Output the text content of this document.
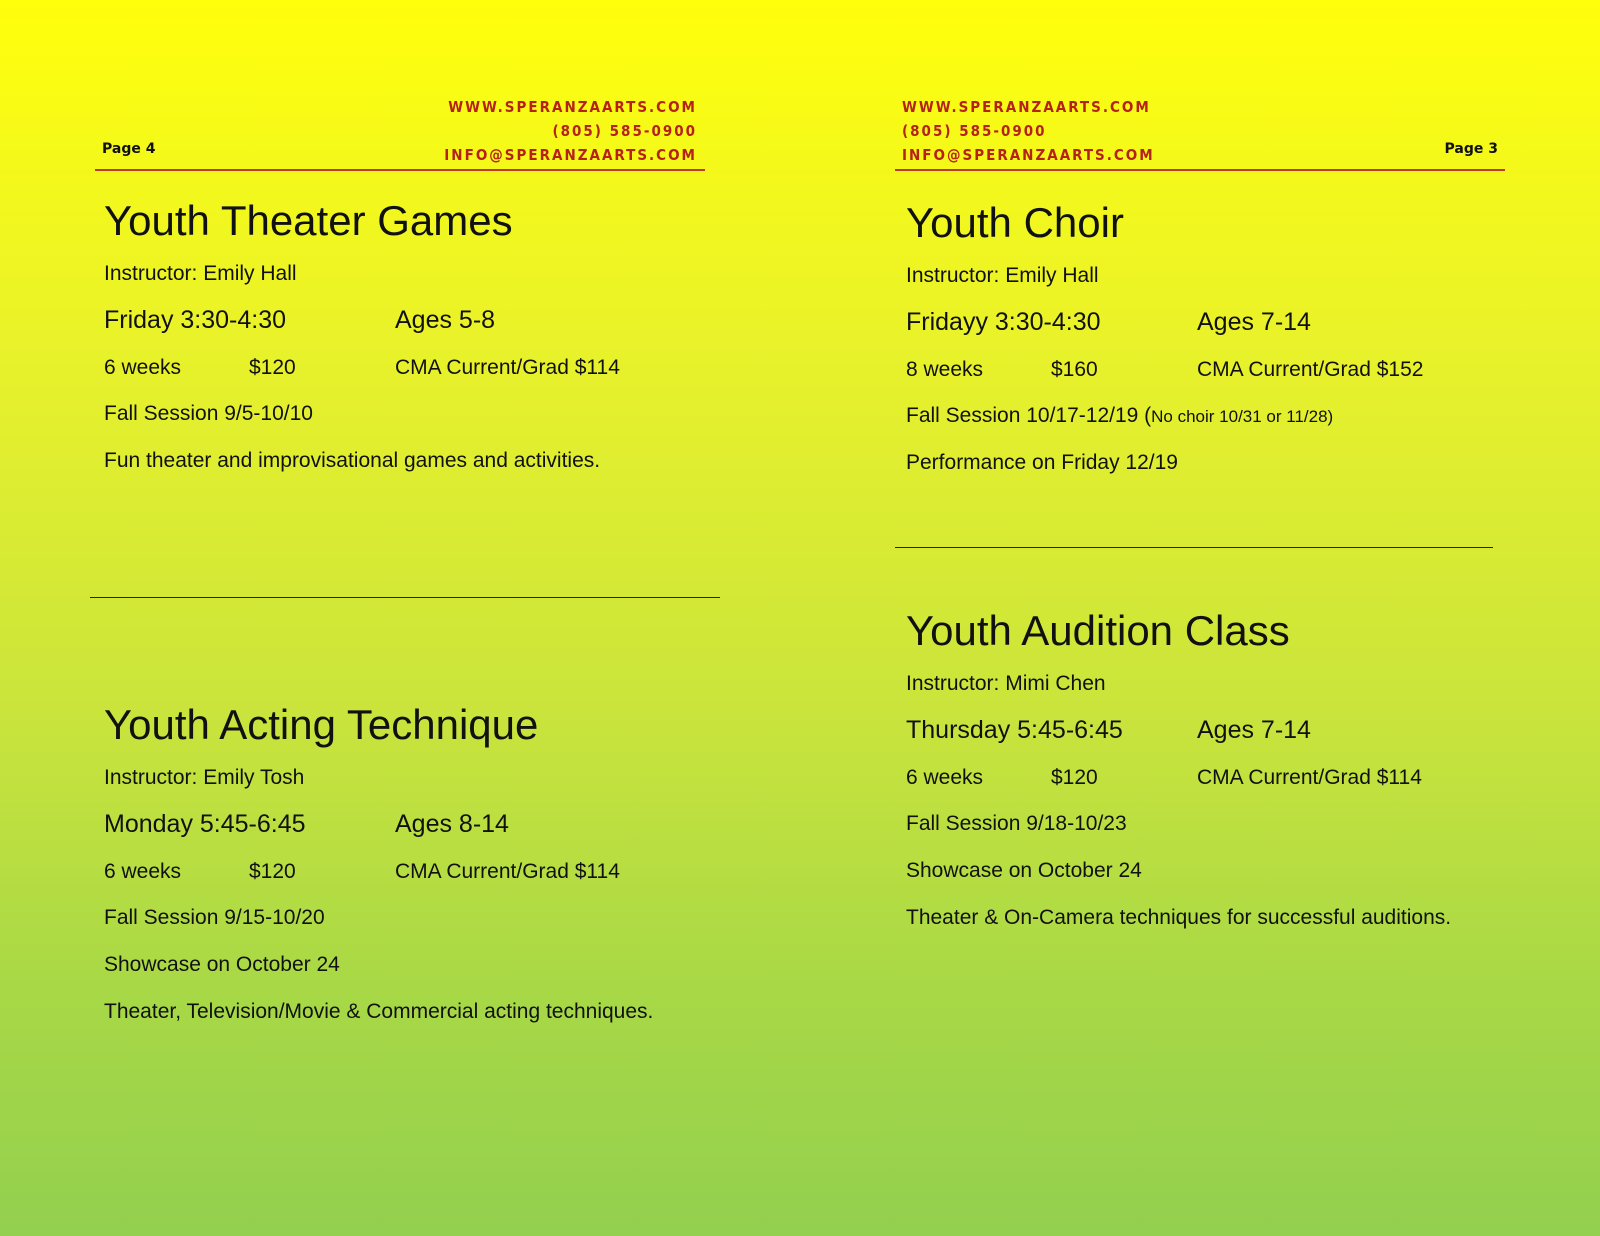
Page 4
WWW.SPERANZAARTS.COM
(805) 585-0900
INFO@SPERANZAARTS.COM
Youth Theater Games
Instructor: Emily Hall
Friday 3:30-4:30	Ages 5-8
6 weeks	$120	CMA Current/Grad $114
Fall Session 9/5-10/10
Fun theater and improvisational games and activities.
Youth Acting Technique
Instructor: Emily Tosh
Monday 5:45-6:45	Ages 8-14
6 weeks	$120	CMA Current/Grad $114
Fall Session 9/15-10/20
Showcase on October 24
Theater, Television/Movie & Commercial acting techniques.
WWW.SPERANZAARTS.COM
(805) 585-0900
INFO@SPERANZAARTS.COM	Page 3
Youth Choir
Instructor: Emily Hall
Fridayy 3:30-4:30	Ages 7-14
8 weeks	$160	CMA Current/Grad $152
Fall Session 10/17-12/19 (No choir 10/31 or 11/28)
Performance on Friday 12/19
Youth Audition Class
Instructor: Mimi Chen
Thursday 5:45-6:45	Ages 7-14
6 weeks	$120	CMA Current/Grad $114
Fall Session 9/18-10/23
Showcase on October 24
Theater & On-Camera techniques for successful auditions.
